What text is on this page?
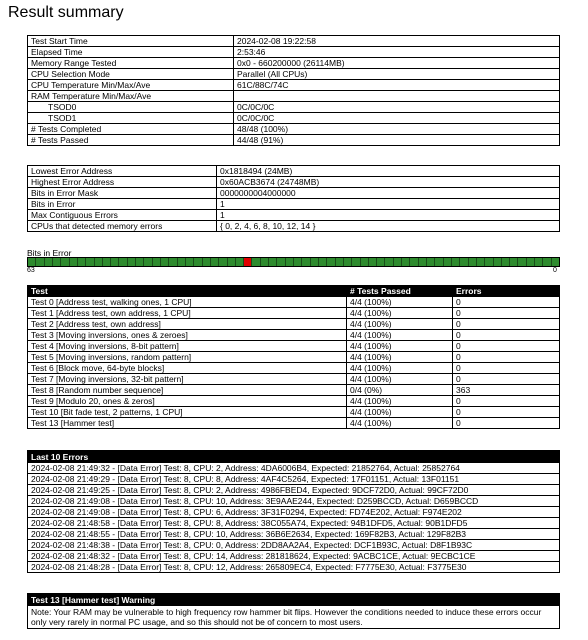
Result summary
Test Start Time	2024-02-08 19:22:58
Elapsed Time	2:53:46
Memory Range Tested	0x0 - 660200000 (26114MB)
CPU Selection Mode	Parallel (All CPUs)
CPU Temperature Min/Max/Ave	61C/88C/74C
RAM Temperature Min/Max/Ave	
TSOD0	0C/0C/0C
TSOD1	0C/0C/0C
# Tests Completed	48/48 (100%)
# Tests Passed	44/48 (91%)
Lowest Error Address	0x1818494 (24MB)
Highest Error Address	0x60ACB3674 (24748MB)
Bits in Error Mask	0000000004000000
Bits in Error	1
Max Contiguous Errors	1
CPUs that detected memory errors	{ 0, 2, 4, 6, 8, 10, 12, 14 }
Bits in Error
63	0
Test	# Tests Passed	Errors
Test 0 [Address test, walking ones, 1 CPU]	4/4 (100%)	0
Test 1 [Address test, own address, 1 CPU]	4/4 (100%)	0
Test 2 [Address test, own address]	4/4 (100%)	0
Test 3 [Moving inversions, ones & zeroes]	4/4 (100%)	0
Test 4 [Moving inversions, 8-bit pattern]	4/4 (100%)	0
Test 5 [Moving inversions, random pattern]	4/4 (100%)	0
Test 6 [Block move, 64-byte blocks]	4/4 (100%)	0
Test 7 [Moving inversions, 32-bit pattern]	4/4 (100%)	0
Test 8 [Random number sequence]	0/4 (0%)	363
Test 9 [Modulo 20, ones & zeros]	4/4 (100%)	0
Test 10 [Bit fade test, 2 patterns, 1 CPU]	4/4 (100%)	0
Test 13 [Hammer test]	4/4 (100%)	0
Last 10 Errors
2024-02-08 21:49:32 - [Data Error] Test: 8, CPU: 2, Address: 4DA6006B4, Expected: 21852764, Actual: 25852764
2024-02-08 21:49:29 - [Data Error] Test: 8, CPU: 8, Address: 4AF4C5264, Expected: 17F01151, Actual: 13F01151
2024-02-08 21:49:25 - [Data Error] Test: 8, CPU: 2, Address: 4986FBED4, Expected: 9DCF72D0, Actual: 99CF72D0
2024-02-08 21:49:08 - [Data Error] Test: 8, CPU: 10, Address: 3E9AAE244, Expected: D259BCCD, Actual: D659BCCD
2024-02-08 21:49:08 - [Data Error] Test: 8, CPU: 6, Address: 3F31F0294, Expected: FD74E202, Actual: F974E202
2024-02-08 21:48:58 - [Data Error] Test: 8, CPU: 8, Address: 38C055A74, Expected: 94B1DFD5, Actual: 90B1DFD5
2024-02-08 21:48:55 - [Data Error] Test: 8, CPU: 10, Address: 36B6E2634, Expected: 169F82B3, Actual: 129F82B3
2024-02-08 21:48:38 - [Data Error] Test: 8, CPU: 0, Address: 2DD8AA2A4, Expected: DCF1B93C, Actual: D8F1B93C
2024-02-08 21:48:32 - [Data Error] Test: 8, CPU: 14, Address: 281818624, Expected: 9ACBC1CE, Actual: 9ECBC1CE
2024-02-08 21:48:28 - [Data Error] Test: 8, CPU: 12, Address: 265809EC4, Expected: F7775E30, Actual: F3775E30
Test 13 [Hammer test] Warning
Note: Your RAM may be vulnerable to high frequency row hammer bit flips. However the conditions needed to induce these errors occur only very rarely in normal PC usage, and so this should not be of concern to most users.
